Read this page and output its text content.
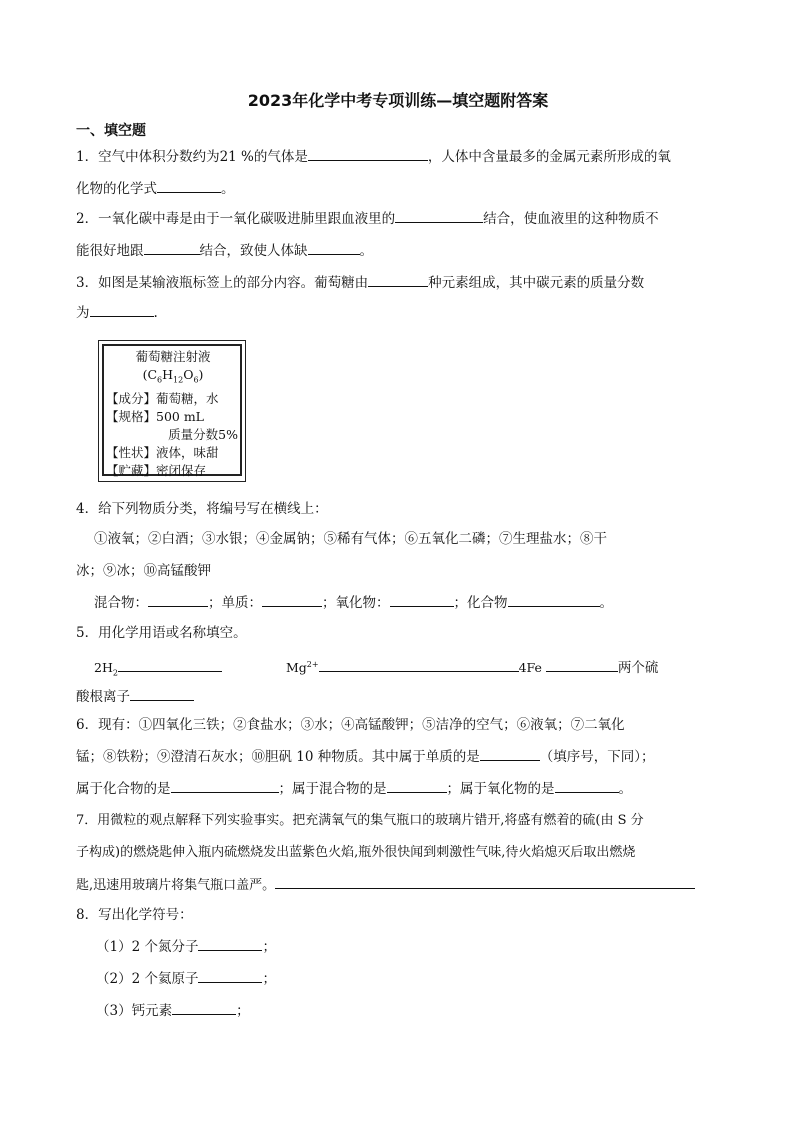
2023年化学中考专项训练—填空题附答案
一、填空题
1．空气中体积分数约为21 %的气体是	，人体中含量最多的金属元素所形成的氧
化物的化学式	。
2．一氧化碳中毒是由于一氧化碳吸进肺里跟血液里的	结合，使血液里的这种物质不
能很好地跟	结合，致使人体缺	。
3．如图是某输液瓶标签上的部分内容。葡萄糖由	种元素组成，其中碳元素的质量分数
为	.
葡萄糖注射液
$(C_6H_{12}O_6)$
【成分】葡萄糖，水
【规格】500 mL
质量分数5%
【性状】液体，味甜
【贮藏】密闭保存
4．给下列物质分类，将编号写在横线上：
①液氧；②白酒；③水银；④金属钠；⑤稀有气体；⑥五氧化二磷；⑦生理盐水；⑧干
冰；⑨冰；⑩高锰酸钾
混合物：	；单质：	；氧化物：	；化合物	。
5．用化学用语或名称填空。
$2H_2$	$Mg^{2+}$	4Fe	两个硫
酸根离子
6．现有：①四氧化三铁；②食盐水；③水；④高锰酸钾；⑤洁净的空气；⑥液氧；⑦二氧化
锰；⑧铁粉；⑨澄清石灰水；⑩胆矾 10 种物质。其中属于单质的是	（填序号，下同）；
属于化合物的是	；属于混合物的是	；属于氧化物的是	。
7．用微粒的观点解释下列实验事实。把充满氧气的集气瓶口的玻璃片错开,将盛有燃着的硫(由 S 分
子构成)的燃烧匙伸入瓶内硫燃烧发出蓝紫色火焰,瓶外很快闻到刺激性气味,待火焰熄灭后取出燃烧
匙,迅速用玻璃片将集气瓶口盖严。
8．写出化学符号：
（1）2 个氮分子	；
（2）2 个氦原子	；
（3）钙元素	；
